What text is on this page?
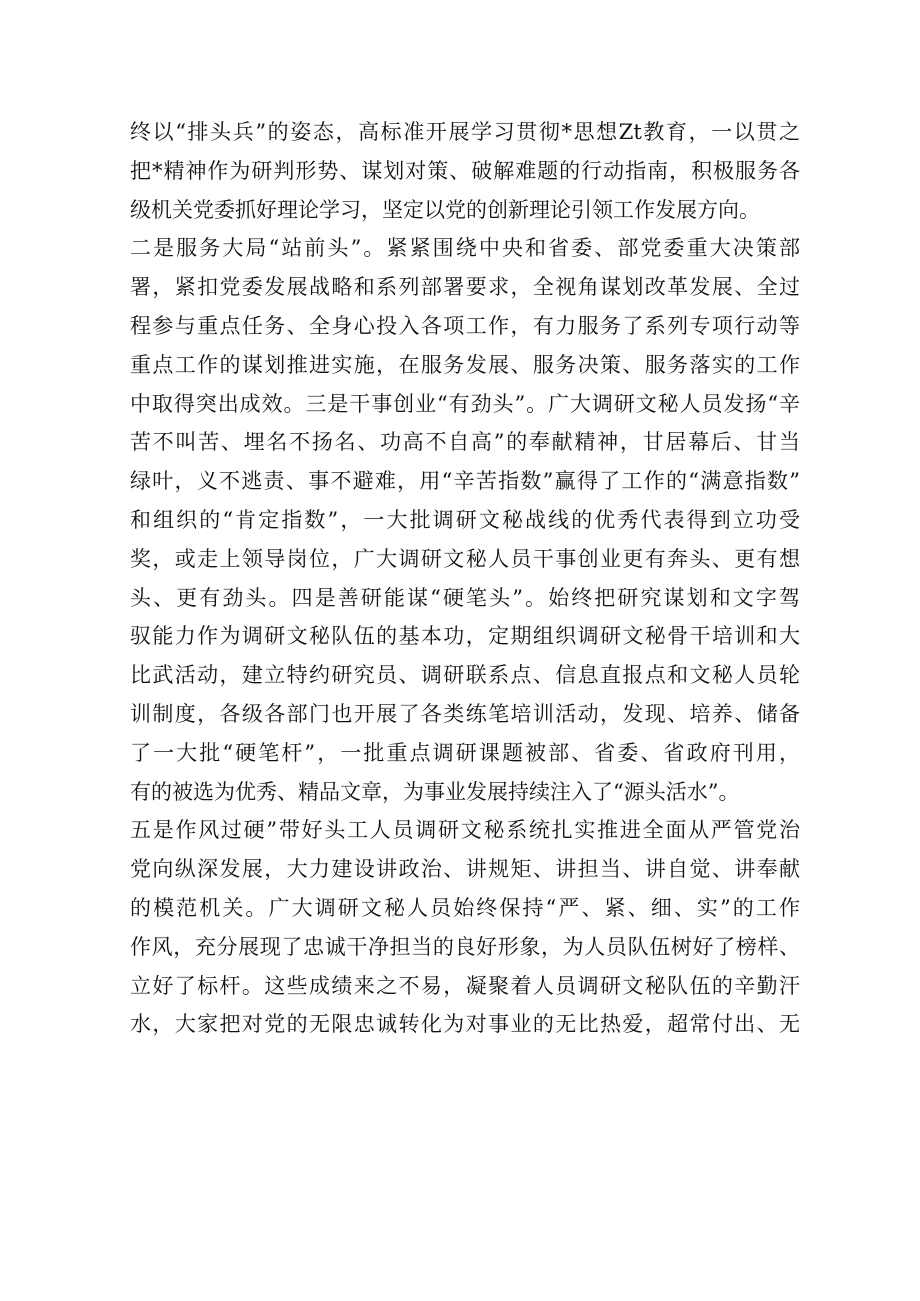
终以“排头兵”的姿态，高标准开展学习贯彻*思想Zt教育，一以贯之
把*精神作为研判形势、谋划对策、破解难题的行动指南，积极服务各
级机关党委抓好理论学习，坚定以党的创新理论引领工作发展方向。
二是服务大局“站前头”。紧紧围绕中央和省委、部党委重大决策部
署，紧扣党委发展战略和系列部署要求，全视角谋划改革发展、全过
程参与重点任务、全身心投入各项工作，有力服务了系列专项行动等
重点工作的谋划推进实施，在服务发展、服务决策、服务落实的工作
中取得突出成效。三是干事创业“有劲头”。广大调研文秘人员发扬“辛
苦不叫苦、埋名不扬名、功高不自高”的奉献精神，甘居幕后、甘当
绿叶，义不逃责、事不避难，用“辛苦指数”赢得了工作的“满意指数”
和组织的“肯定指数”，一大批调研文秘战线的优秀代表得到立功受
奖，或走上领导岗位，广大调研文秘人员干事创业更有奔头、更有想
头、更有劲头。四是善研能谋“硬笔头”。始终把研究谋划和文字驾
驭能力作为调研文秘队伍的基本功，定期组织调研文秘骨干培训和大
比武活动，建立特约研究员、调研联系点、信息直报点和文秘人员轮
训制度，各级各部门也开展了各类练笔培训活动，发现、培养、储备
了一大批“硬笔杆”，一批重点调研课题被部、省委、省政府刊用，
有的被选为优秀、精品文章，为事业发展持续注入了“源头活水”。
五是作风过硬”带好头工人员调研文秘系统扎实推进全面从严管党治
党向纵深发展，大力建设讲政治、讲规矩、讲担当、讲自觉、讲奉献
的模范机关。广大调研文秘人员始终保持“严、紧、细、实”的工作
作风，充分展现了忠诚干净担当的良好形象，为人员队伍树好了榜样、
立好了标杆。这些成绩来之不易，凝聚着人员调研文秘队伍的辛勤汗
水，大家把对党的无限忠诚转化为对事业的无比热爱，超常付出、无
